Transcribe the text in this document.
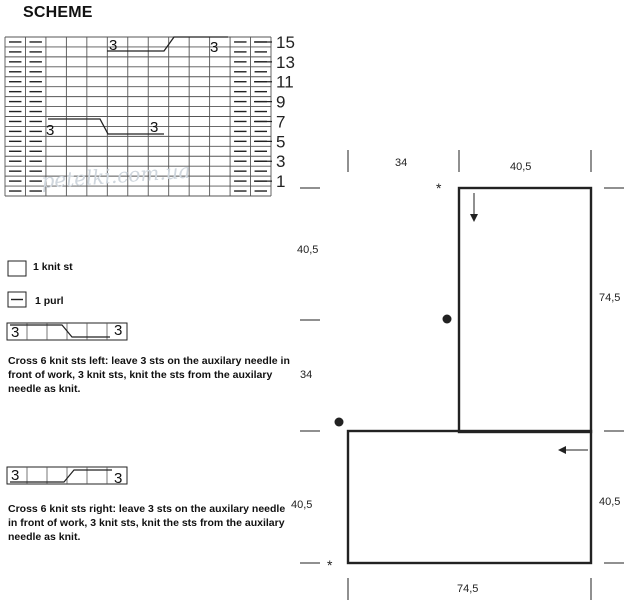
SCHEME
1 knit st
1 purl
Cross 6 knit sts left: leave 3 sts on the auxilary needle in front of work, 3 knit sts, knit the sts from the auxilary needle as knit.
Cross 6 knit sts right: leave 3 sts on the auxilary needle in front of work, 3 knit sts, knit the sts from the auxilary needle as knit.
3	3
3	3
15
13
11
9
7
5
3
1
petelki.com.ua
3	3
3	3
*
*
34	40,5
40,5
34
74,5
40,5	40,5
74,5
